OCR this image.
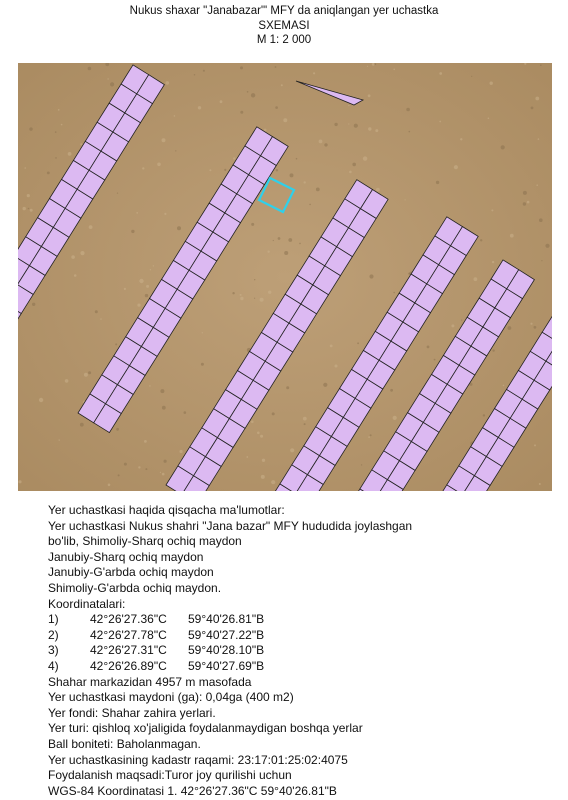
Nukus shaxar "Janabazar"' MFY da aniqlangan yer uchastka
SXEMASI
M 1: 2 000
Yer uchastkasi haqida qisqacha ma'lumotlar:
Yer uchastkasi Nukus shahri "Jana bazar" MFY hududida joylashgan
bo'lib, Shimoliy-Sharq ochiq maydon
Janubiy-Sharq ochiq maydon
Janubiy-G'arbda ochiq maydon
Shimoliy-G'arbda ochiq maydon.
Koordinatalari:
1)	42°26'27.36"C 59°40'26.81"B
2)	42°26'27.78"C 59°40'27.22"B
3)	42°26'27.31"C 59°40'28.10"B
4)	42°26'26.89"C 59°40'27.69"B
Shahar markazidan 4957 m masofada
Yer uchastkasi maydoni (ga): 0,04ga (400 m2)
Yer fondi: Shahar zahira yerlari.
Yer turi: qishloq xo'jaligida foydalanmaydigan boshqa yerlar
Ball boniteti: Baholanmagan.
Yer uchastkasining kadastr raqami: 23:17:01:25:02:4075
Foydalanish maqsadi:Turor joy qurilishi uchun
WGS-84 Koordinatasi 1. 42°26'27.36"C 59°40'26.81"B
